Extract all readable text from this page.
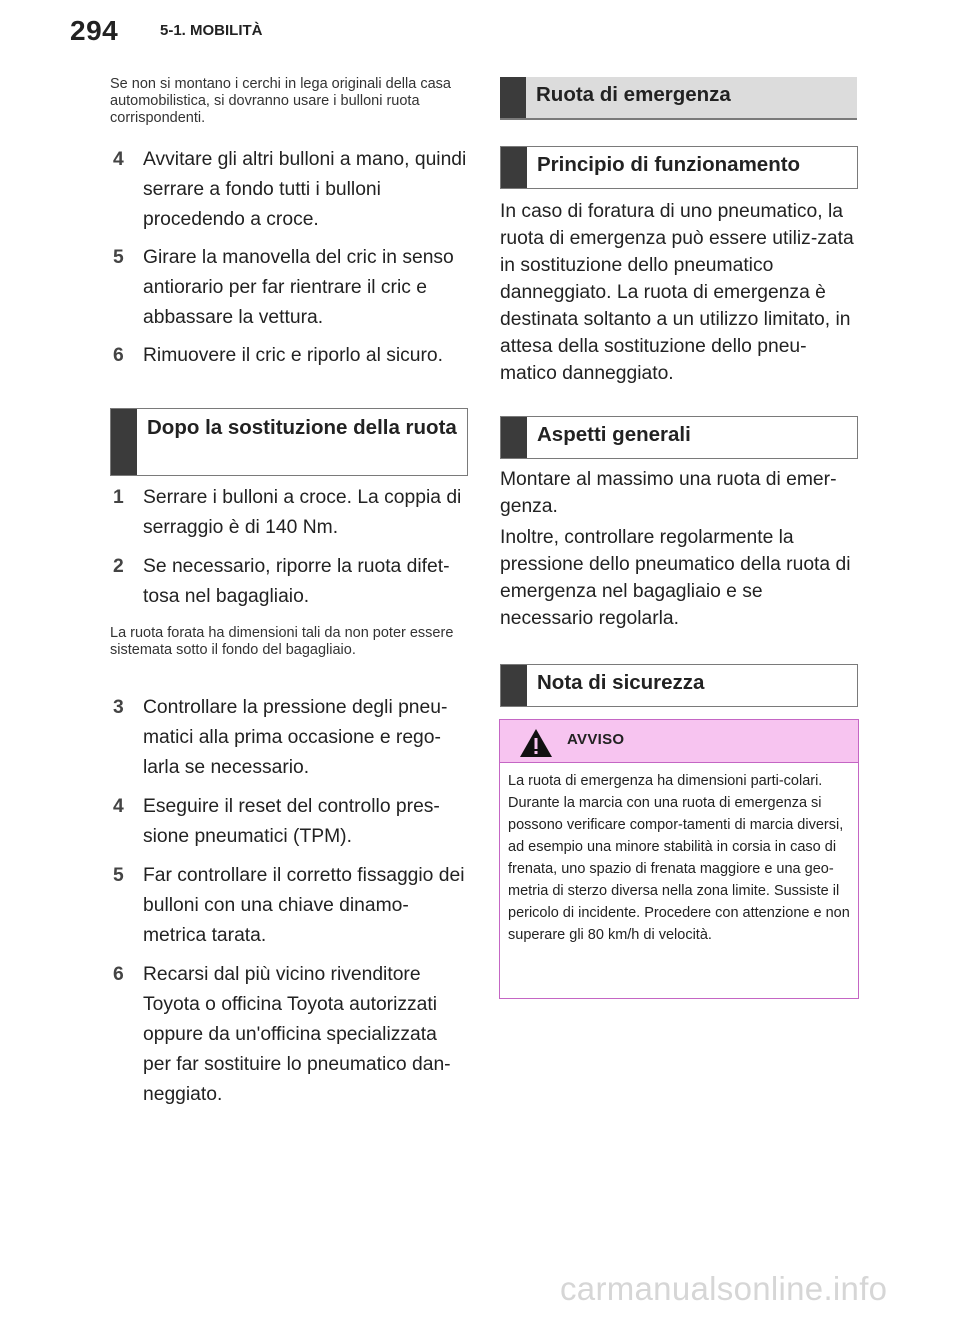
294	5-1. MOBILITÀ
Se non si montano i cerchi in lega originali della casa automobilistica, si dovranno usare i bulloni ruota corrispondenti.
4 Avvitare gli altri bulloni a mano, quindi serrare a fondo tutti i bulloni procedendo a croce.
5 Girare la manovella del cric in senso antiorario per far rientrare il cric e abbassare la vettura.
6 Rimuovere il cric e riporlo al sicuro.
Dopo la sostituzione della ruota
1 Serrare i bulloni a croce. La coppia di serraggio è di 140 Nm.
2 Se necessario, riporre la ruota difet-tosa nel bagagliaio.
La ruota forata ha dimensioni tali da non poter essere sistemata sotto il fondo del bagagliaio.
3 Controllare la pressione degli pneu-matici alla prima occasione e rego-larla se necessario.
4 Eseguire il reset del controllo pres-sione pneumatici (TPM).
5 Far controllare il corretto fissaggio dei bulloni con una chiave dinamo-metrica tarata.
6 Recarsi dal più vicino rivenditore Toyota o officina Toyota autorizzati oppure da un'officina specializzata per far sostituire lo pneumatico dan-neggiato.
Ruota di emergenza
Principio di funzionamento
In caso di foratura di uno pneumatico, la ruota di emergenza può essere utiliz-zata in sostituzione dello pneumatico danneggiato. La ruota di emergenza è destinata soltanto a un utilizzo limitato, in attesa della sostituzione dello pneu-matico danneggiato.
Aspetti generali
Montare al massimo una ruota di emer-genza.
Inoltre, controllare regolarmente la pressione dello pneumatico della ruota di emergenza nel bagagliaio e se necessario regolarla.
Nota di sicurezza
AVVISO
La ruota di emergenza ha dimensioni parti-colari. Durante la marcia con una ruota di emergenza si possono verificare compor-tamenti di marcia diversi, ad esempio una minore stabilità in corsia in caso di frenata, uno spazio di frenata maggiore e una geo-metria di sterzo diversa nella zona limite. Sussiste il pericolo di incidente. Procedere con attenzione e non superare gli 80 km/h di velocità.
carmanualsonline.info
